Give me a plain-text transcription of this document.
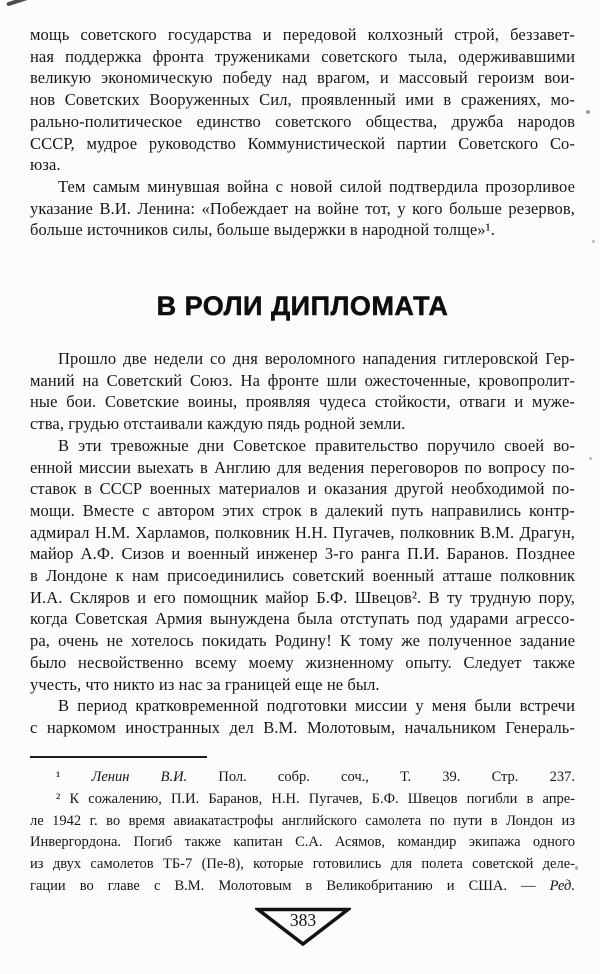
мощь советского государства и передовой колхозный строй, беззавет-
ная поддержка фронта тружениками советского тыла, одерживавшими
великую экономическую победу над врагом, и массовый героизм вои-
нов Советских Вооруженных Сил, проявленный ими в сражениях, мо-
рально-политическое единство советского общества, дружба народов
СССР, мудрое руководство Коммунистической партии Советского Со-
юза.
Тем самым минувшая война с новой силой подтвердила прозорливое
указание В.И. Ленина: «Побеждает на войне тот, у кого больше резервов,
больше источников силы, больше выдержки в народной толще»¹.
В РОЛИ ДИПЛОМАТА
Прошло две недели со дня вероломного нападения гитлеровской Гер-
маний на Советский Союз. На фронте шли ожесточенные, кровопролит-
ные бои. Советские воины, проявляя чудеса стойкости, отваги и муже-
ства, грудью отстаивали каждую пядь родной земли.
В эти тревожные дни Советское правительство поручило своей во-
енной миссии выехать в Англию для ведения переговоров по вопросу по-
ставок в СССР военных материалов и оказания другой необходимой по-
мощи. Вместе с автором этих строк в далекий путь направились контр-
адмирал Н.М. Харламов, полковник Н.Н. Пугачев, полковник В.М. Драгун,
майор А.Ф. Сизов и военный инженер 3-го ранга П.И. Баранов. Позднее
в Лондоне к нам присоединились советский военный атташе полковник
И.А. Скляров и его помощник майор Б.Ф. Швецов². В ту трудную пору,
когда Советская Армия вынуждена была отступать под ударами агрессо-
ра, очень не хотелось покидать Родину! К тому же полученное задание
было несвойственно всему моему жизненному опыту. Следует также
учесть, что никто из нас за границей еще не был.
В период кратковременной подготовки миссии у меня были встречи
с наркомом иностранных дел В.М. Молотовым, начальником Генераль-
¹ Ленин В.И. Пол. собр. соч., Т. 39. Стр. 237.
² К сожалению, П.И. Баранов, Н.Н. Пугачев, Б.Ф. Швецов погибли в апре-
ле 1942 г. во время авиакатастрофы английского самолета по пути в Лондон из
Инвергордона. Погиб также капитан С.А. Асямов, командир экипажа одного
из двух самолетов ТБ-7 (Пе-8), которые готовились для полета советской деле-
гации во главе с В.М. Молотовым в Великобританию и США. — Ред.
383
